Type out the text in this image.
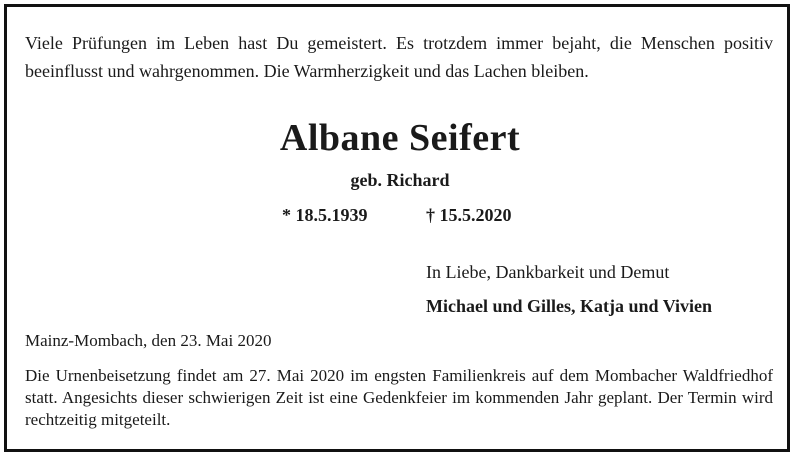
Viele Prüfungen im Leben hast Du gemeistert. Es trotzdem immer bejaht, die Menschen positiv beeinflusst und wahrgenommen. Die Warmherzigkeit und das Lachen bleiben.
Albane Seifert
geb. Richard
* 18.5.1939	† 15.5.2020
In Liebe, Dankbarkeit und Demut
Michael und Gilles, Katja und Vivien
Mainz-Mombach, den 23. Mai 2020
Die Urnenbeisetzung findet am 27. Mai 2020 im engsten Familienkreis auf dem Mombacher Waldfriedhof statt. Angesichts dieser schwierigen Zeit ist eine Gedenkfeier im kommenden Jahr geplant. Der Termin wird rechtzeitig mitgeteilt.
